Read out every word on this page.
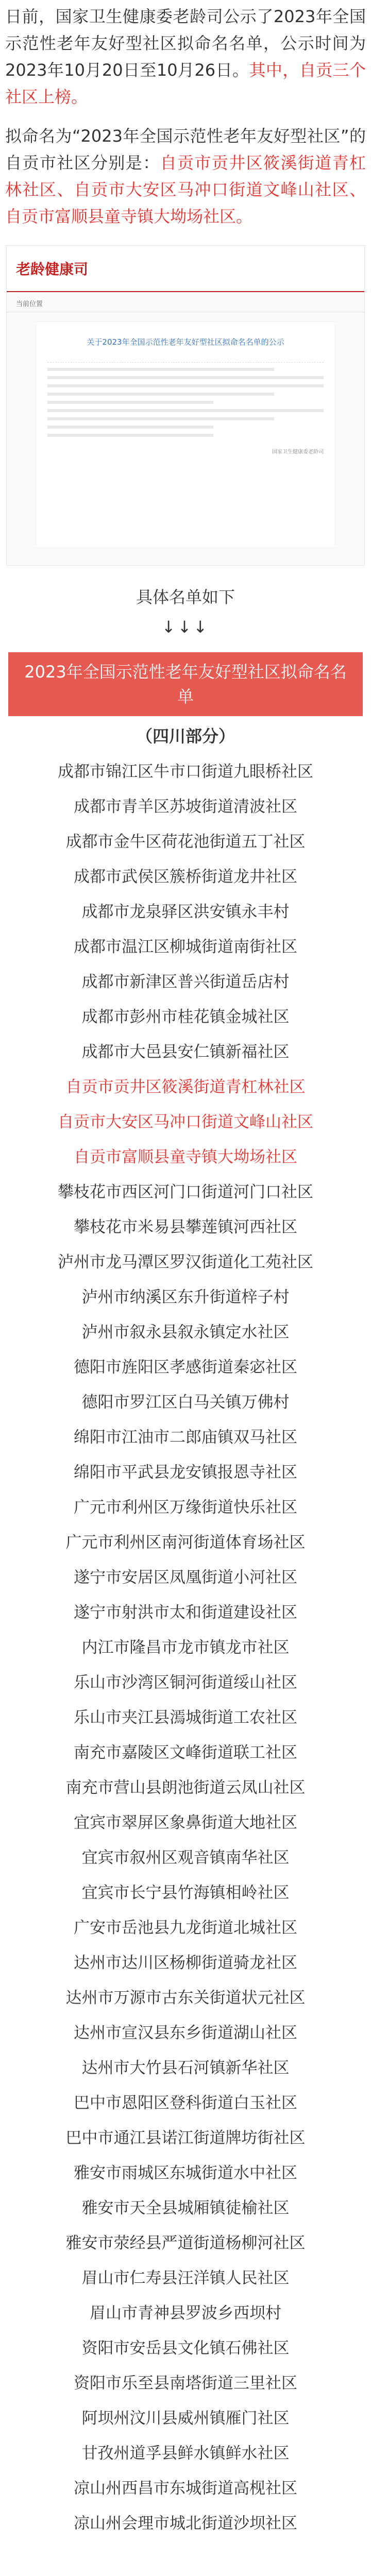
日前，国家卫生健康委老龄司公示了2023年全国示范性老年友好型社区拟命名名单，公示时间为2023年10月20日至10月26日。其中，自贡三个社区上榜。

拟命名为“2023年全国示范性老年友好型社区”的自贡市社区分别是：自贡市贡井区筱溪街道青杠林社区、自贡市大安区马冲口街道文峰山社区、自贡市富顺县童寺镇大坳场社区。

老龄健康司
当前位置
关于2023年全国示范性老年友好型社区拟命名名单的公示

国家卫生健康委老龄司
具体名单如下
↓↓↓
2023年全国示范性老年友好型社区拟命名名单
（四川部分）
成都市锦江区牛市口街道九眼桥社区
成都市青羊区苏坡街道清波社区
成都市金牛区荷花池街道五丁社区
成都市武侯区簇桥街道龙井社区
成都市龙泉驿区洪安镇永丰村
成都市温江区柳城街道南街社区
成都市新津区普兴街道岳店村
成都市彭州市桂花镇金城社区
成都市大邑县安仁镇新福社区
自贡市贡井区筱溪街道青杠林社区
自贡市大安区马冲口街道文峰山社区
自贡市富顺县童寺镇大坳场社区
攀枝花市西区河门口街道河门口社区
攀枝花市米易县攀莲镇河西社区
泸州市龙马潭区罗汉街道化工苑社区
泸州市纳溪区东升街道梓子村
泸州市叙永县叙永镇定水社区
德阳市旌阳区孝感街道秦宓社区
德阳市罗江区白马关镇万佛村
绵阳市江油市二郎庙镇双马社区
绵阳市平武县龙安镇报恩寺社区
广元市利州区万缘街道快乐社区
广元市利州区南河街道体育场社区
遂宁市安居区凤凰街道小河社区
遂宁市射洪市太和街道建设社区
内江市隆昌市龙市镇龙市社区
乐山市沙湾区铜河街道绥山社区
乐山市夹江县漹城街道工农社区
南充市嘉陵区文峰街道联工社区
南充市营山县朗池街道云凤山社区
宜宾市翠屏区象鼻街道大地社区
宜宾市叙州区观音镇南华社区
宜宾市长宁县竹海镇相岭社区
广安市岳池县九龙街道北城社区
达州市达川区杨柳街道骑龙社区
达州市万源市古东关街道状元社区
达州市宣汉县东乡街道湖山社区
达州市大竹县石河镇新华社区
巴中市恩阳区登科街道白玉社区
巴中市通江县诺江街道牌坊街社区
雅安市雨城区东城街道水中社区
雅安市天全县城厢镇徒榆社区
雅安市荥经县严道街道杨柳河社区
眉山市仁寿县汪洋镇人民社区
眉山市青神县罗波乡西坝村
资阳市安岳县文化镇石佛社区
资阳市乐至县南塔街道三里社区
阿坝州汶川县威州镇雁门社区
甘孜州道孚县鲜水镇鲜水社区
凉山州西昌市东城街道高枧社区
凉山州会理市城北街道沙坝社区
